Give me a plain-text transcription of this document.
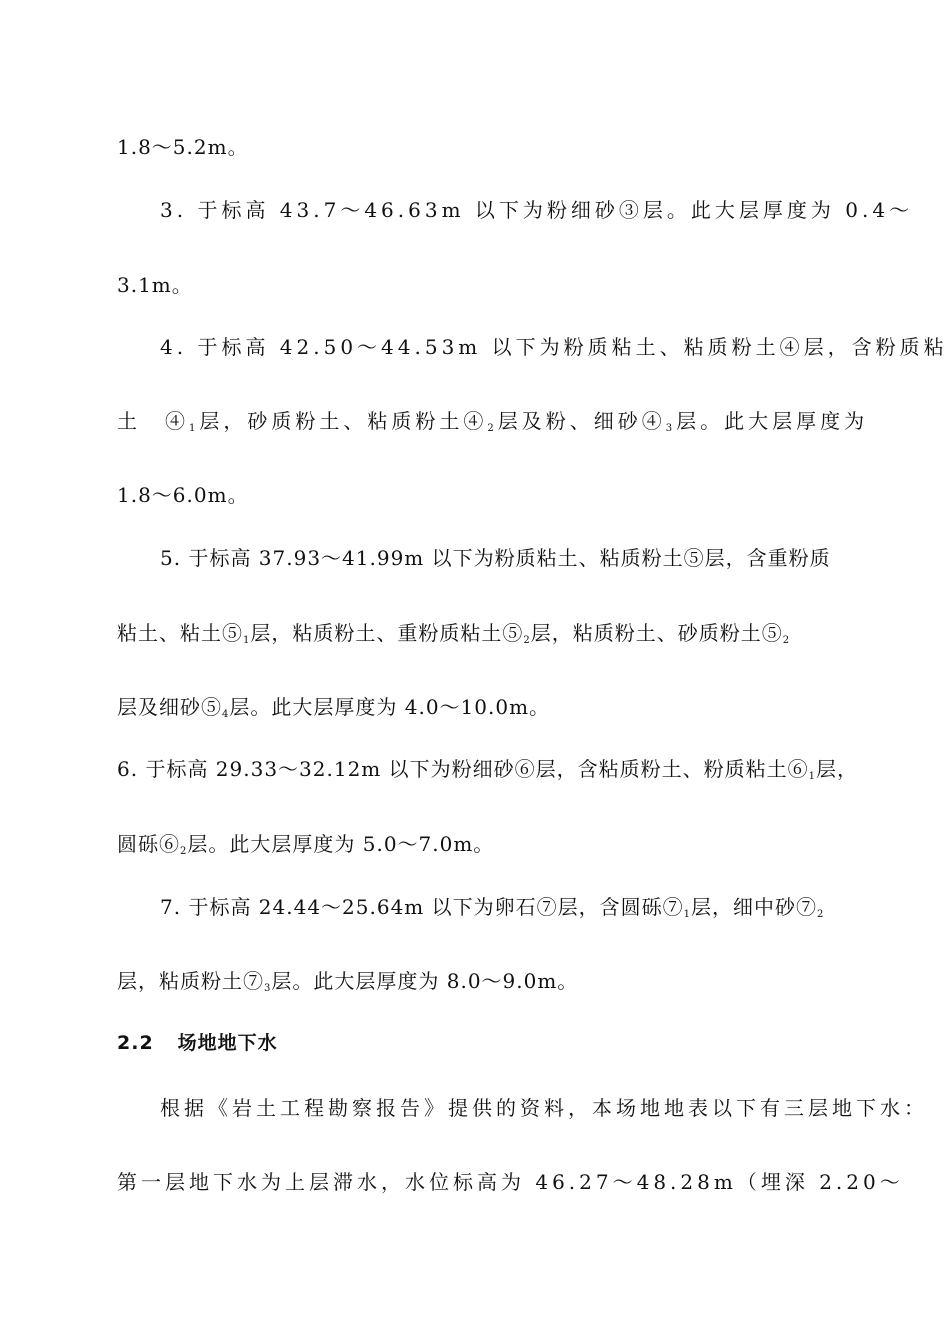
1.8～5.2m。
3. 于标高 43.7～46.63m 以下为粉细砂③层。此大层厚度为 0.4～
3.1m。
4. 于标高 42.50～44.53m 以下为粉质粘土、粘质粉土④层，含粉质粘
土　$④_1$层，砂质粉土、粘质粉土$④_2$层及粉、细砂$④_3$层。此大层厚度为
1.8～6.0m。
5. 于标高 37.93～41.99m 以下为粉质粘土、粘质粉土⑤层，含重粉质
粘土、粘土$⑤_1$层，粘质粉土、重粉质粘土$⑤_2$层，粘质粉土、砂质粉土$⑤_2$
层及细砂$⑤_4$层。此大层厚度为 4.0～10.0m。
6. 于标高 29.33～32.12m 以下为粉细砂⑥层，含粘质粉土、粉质粘土$⑥_1$层，
圆砾$⑥_2$层。此大层厚度为 5.0～7.0m。
7. 于标高 24.44～25.64m 以下为卵石⑦层，含圆砾$⑦_1$层，细中砂$⑦_2$
层，粘质粉土$⑦_3$层。此大层厚度为 8.0～9.0m。
2.2 场地地下水
根据《岩土工程勘察报告》提供的资料，本场地地表以下有三层地下水：
第一层地下水为上层滞水，水位标高为 46.27～48.28m（埋深 2.20～
